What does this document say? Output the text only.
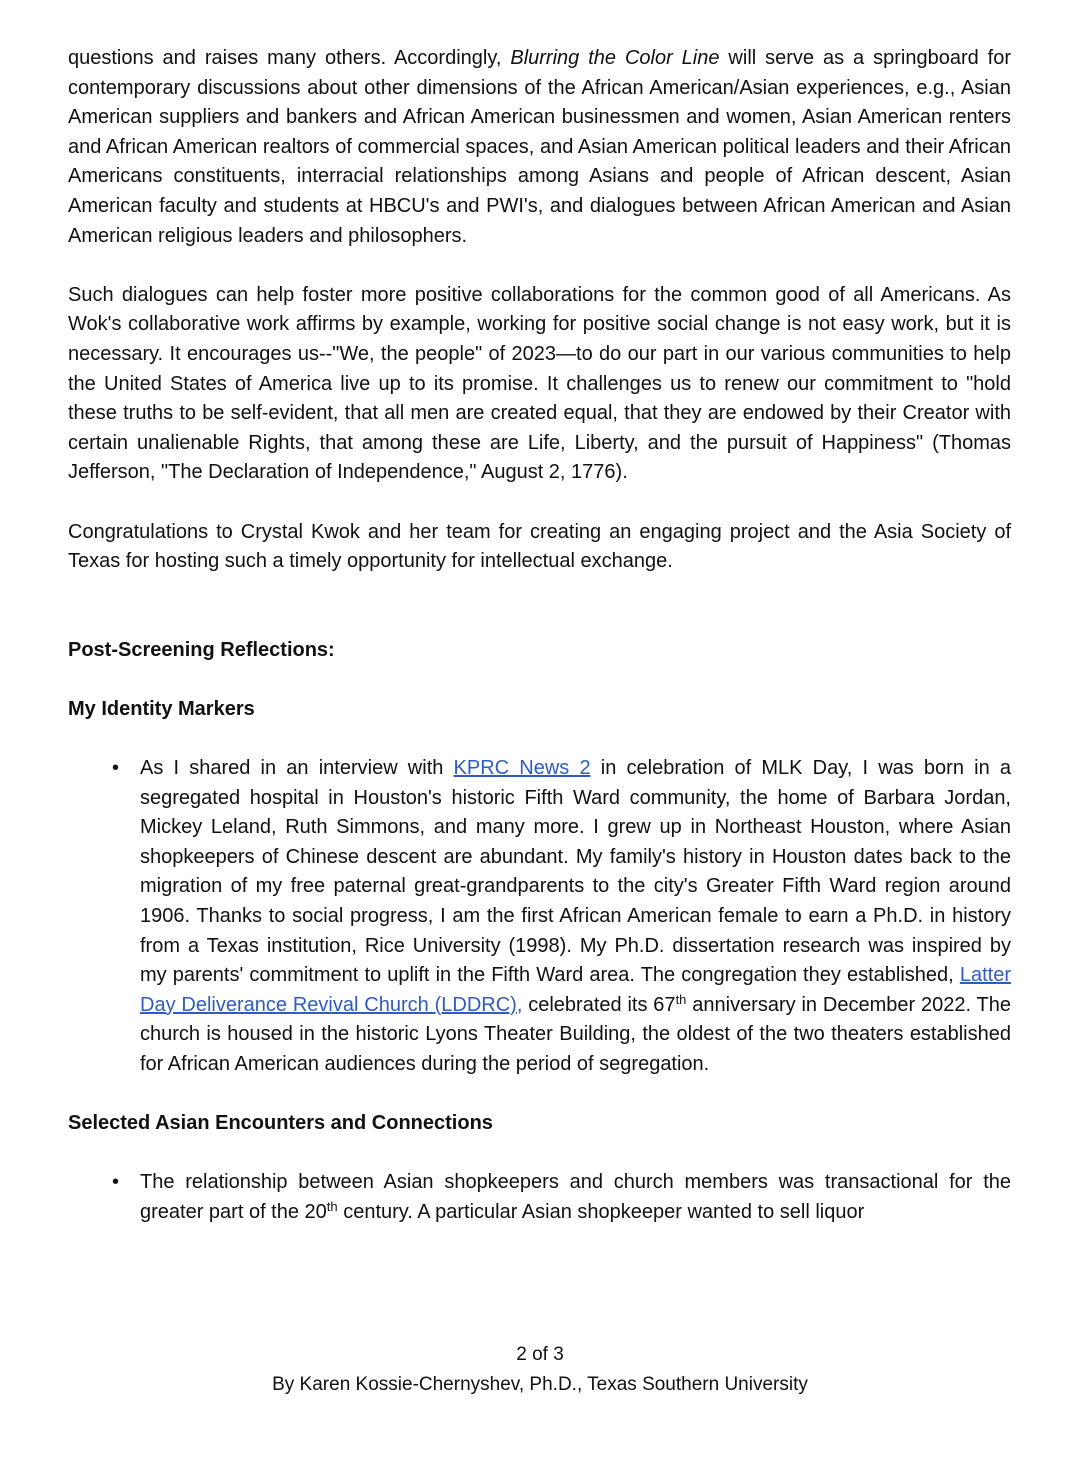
questions and raises many others. Accordingly, Blurring the Color Line will serve as a springboard for contemporary discussions about other dimensions of the African American/Asian experiences, e.g., Asian American suppliers and bankers and African American businessmen and women, Asian American renters and African American realtors of commercial spaces, and Asian American political leaders and their African Americans constituents, interracial relationships among Asians and people of African descent, Asian American faculty and students at HBCU's and PWI's, and dialogues between African American and Asian American religious leaders and philosophers.

Such dialogues can help foster more positive collaborations for the common good of all Americans. As Wok's collaborative work affirms by example, working for positive social change is not easy work, but it is necessary. It encourages us--"We, the people" of 2023—to do our part in our various communities to help the United States of America live up to its promise. It challenges us to renew our commitment to "hold these truths to be self-evident, that all men are created equal, that they are endowed by their Creator with certain unalienable Rights, that among these are Life, Liberty, and the pursuit of Happiness" (Thomas Jefferson, "The Declaration of Independence," August 2, 1776).

Congratulations to Crystal Kwok and her team for creating an engaging project and the Asia Society of Texas for hosting such a timely opportunity for intellectual exchange.

Post-Screening Reflections:

My Identity Markers

• As I shared in an interview with KPRC News 2 in celebration of MLK Day, I was born in a segregated hospital in Houston's historic Fifth Ward community, the home of Barbara Jordan, Mickey Leland, Ruth Simmons, and many more. I grew up in Northeast Houston, where Asian shopkeepers of Chinese descent are abundant. My family's history in Houston dates back to the migration of my free paternal great-grandparents to the city's Greater Fifth Ward region around 1906. Thanks to social progress, I am the first African American female to earn a Ph.D. in history from a Texas institution, Rice University (1998). My Ph.D. dissertation research was inspired by my parents' commitment to uplift in the Fifth Ward area. The congregation they established, Latter Day Deliverance Revival Church (LDDRC), celebrated its 67th anniversary in December 2022. The church is housed in the historic Lyons Theater Building, the oldest of the two theaters established for African American audiences during the period of segregation.

Selected Asian Encounters and Connections

• The relationship between Asian shopkeepers and church members was transactional for the greater part of the 20th century. A particular Asian shopkeeper wanted to sell liquor

2 of 3
By Karen Kossie-Chernyshev, Ph.D., Texas Southern University
